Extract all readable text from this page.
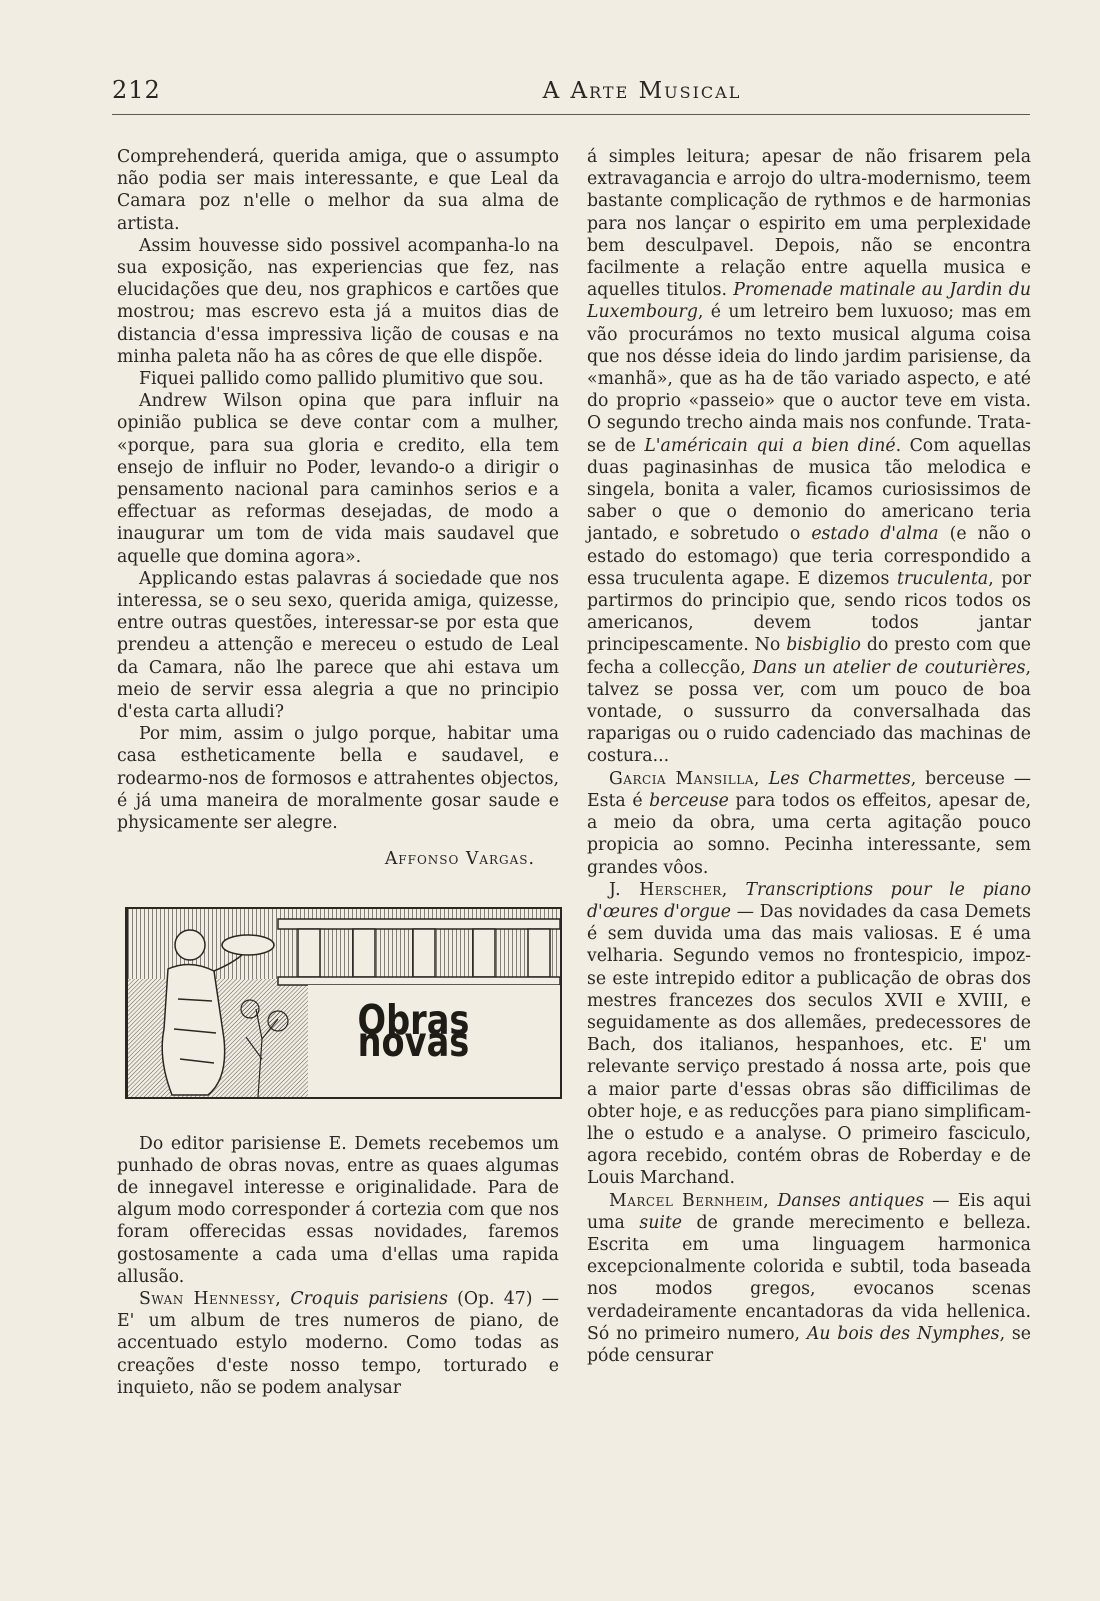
212	A Arte Musical

Comprehenderá, querida amiga, que o assumpto não podia ser mais interessante, e que Leal da Camara poz n'elle o melhor da sua alma de artista.

Assim houvesse sido possivel acompanha-lo na sua exposição, nas experiencias que fez, nas elucidações que deu, nos graphicos e cartões que mostrou; mas escrevo esta já a muitos dias de distancia d'essa impressiva lição de cousas e na minha paleta não ha as côres de que elle dispõe.

Fiquei pallido como pallido plumitivo que sou.

Andrew Wilson opina que para influir na opinião publica se deve contar com a mulher, «porque, para sua gloria e credito, ella tem ensejo de influir no Poder, levando-o a dirigir o pensamento nacional para caminhos serios e a effectuar as reformas desejadas, de modo a inaugurar um tom de vida mais saudavel que aquelle que domina agora».

Applicando estas palavras á sociedade que nos interessa, se o seu sexo, querida amiga, quizesse, entre outras questões, interessar-se por esta que prendeu a attenção e mereceu o estudo de Leal da Camara, não lhe parece que ahi estava um meio de servir essa alegria a que no principio d'esta carta alludi?

Por mim, assim o julgo porque, habitar uma casa estheticamente bella e saudavel, e rodearmo-nos de formosos e attrahentes objectos, é já uma maneira de moralmente gosar saude e physicamente ser alegre.

Affonso Vargas.

Obras novas

Do editor parisiense E. Demets recebemos um punhado de obras novas, entre as quaes algumas de innegavel interesse e originalidade. Para de algum modo corresponder á cortezia com que nos foram offerecidas essas novidades, faremos gostosamente a cada uma d'ellas uma rapida allusão.

Swan Hennessy, Croquis parisiens (Op. 47) — E' um album de tres numeros de piano, de accentuado estylo moderno. Como todas as creações d'este nosso tempo, torturado e inquieto, não se podem analysar

á simples leitura; apesar de não frisarem pela extravagancia e arrojo do ultra-modernismo, teem bastante complicação de rythmos e de harmonias para nos lançar o espirito em uma perplexidade bem desculpavel. Depois, não se encontra facilmente a relação entre aquella musica e aquelles titulos. Promenade matinale au Jardin du Luxembourg, é um letreiro bem luxuoso; mas em vão procurámos no texto musical alguma coisa que nos désse ideia do lindo jardim parisiense, da «manhã», que as ha de tão variado aspecto, e até do proprio «passeio» que o auctor teve em vista. O segundo trecho ainda mais nos confunde. Trata-se de L'américain qui a bien diné. Com aquellas duas paginasinhas de musica tão melodica e singela, bonita a valer, ficamos curiosissimos de saber o que o demonio do americano teria jantado, e sobretudo o estado d'alma (e não o estado do estomago) que teria correspondido a essa truculenta agape. E dizemos truculenta, por partirmos do principio que, sendo ricos todos os americanos, devem todos jantar principescamente. No bisbiglio do presto com que fecha a collecção, Dans un atelier de couturières, talvez se possa ver, com um pouco de boa vontade, o sussurro da conversalhada das raparigas ou o ruido cadenciado das machinas de costura...

Garcia Mansilla, Les Charmettes, berceuse — Esta é berceuse para todos os effeitos, apesar de, a meio da obra, uma certa agitação pouco propicia ao somno. Pecinha interessante, sem grandes vôos.

J. Herscher, Transcriptions pour le piano d'œures d'orgue — Das novidades da casa Demets é sem duvida uma das mais valiosas. E é uma velharia. Segundo vemos no frontespicio, impoz-se este intrepido editor a publicação de obras dos mestres francezes dos seculos XVII e XVIII, e seguidamente as dos allemães, predecessores de Bach, dos italianos, hespanhoes, etc. E' um relevante serviço prestado á nossa arte, pois que a maior parte d'essas obras são difficilimas de obter hoje, e as reducções para piano simplificam-lhe o estudo e a analyse. O primeiro fasciculo, agora recebido, contém obras de Roberday e de Louis Marchand.

Marcel Bernheim, Danses antiques — Eis aqui uma suite de grande merecimento e belleza. Escrita em uma linguagem harmonica excepcionalmente colorida e subtil, toda baseada nos modos gregos, evocanos scenas verdadeiramente encantadoras da vida hellenica. Só no primeiro numero, Au bois des Nymphes, se póde censurar
